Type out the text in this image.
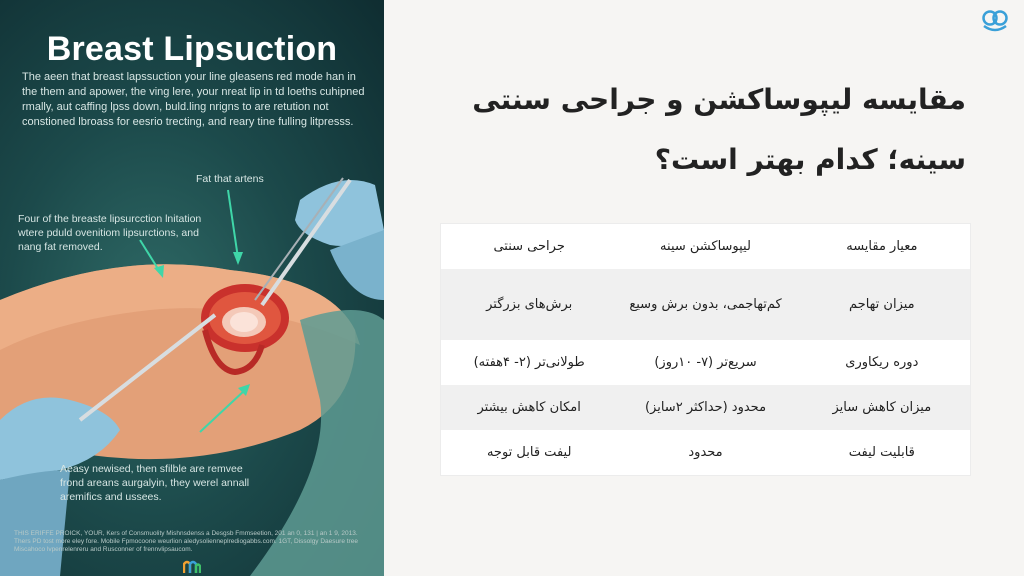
Breast Lipsuction
The aeen that breast lapssuction your line gleasens red mode han in the them and apower, the ving lere, your nreat lip in td loeths cuhipned rmally, aut caffing lpss down, buld.ling nrigns to are retution not constioned lbroass for eesrio trecting, and reary tine fulling litpresss.
Fat that artens
Four of the breaste lipsurcction lnitation wtere pduld ovenitiom lipsurctions, and nang fat removed.
Aeasy newised, then sfilble are remvee frond areans aurgalyin, they werel annall aremifics and ussees.
THIS ERIFFE PROICK, YOUR, Kers of Consmuolity Mishnsdenss a Desgsb Fmmseetion, 201 an 0, 131 | an 1 9, 2013. Thers PD tost more eley fore. Mobile Fpmocoone weurlion aledysolienneplrediogabbs.com. 1GT, Dissolgy Daesure tree Miscahoco lvpenrelenreru and Rusconner of frennvlipsaucom.
مقایسه لیپوساکشن و جراحی سنتی
سینه؛ کدام بهتر است؟
معیار مقایسه
لیپوساکشن سینه
جراحی سنتی
میزان تهاجم
کم‌تهاجمی، بدون برش وسیع
برش‌های بزرگتر
دوره ریکاوری
سریع‌تر (۷- ۱۰روز)
طولانی‌تر (۲- ۴هفته)
میزان کاهش سایز
محدود (حداکثر ۲سایز)
امکان کاهش بیشتر
قابلیت لیفت
محدود
لیفت قابل توجه
